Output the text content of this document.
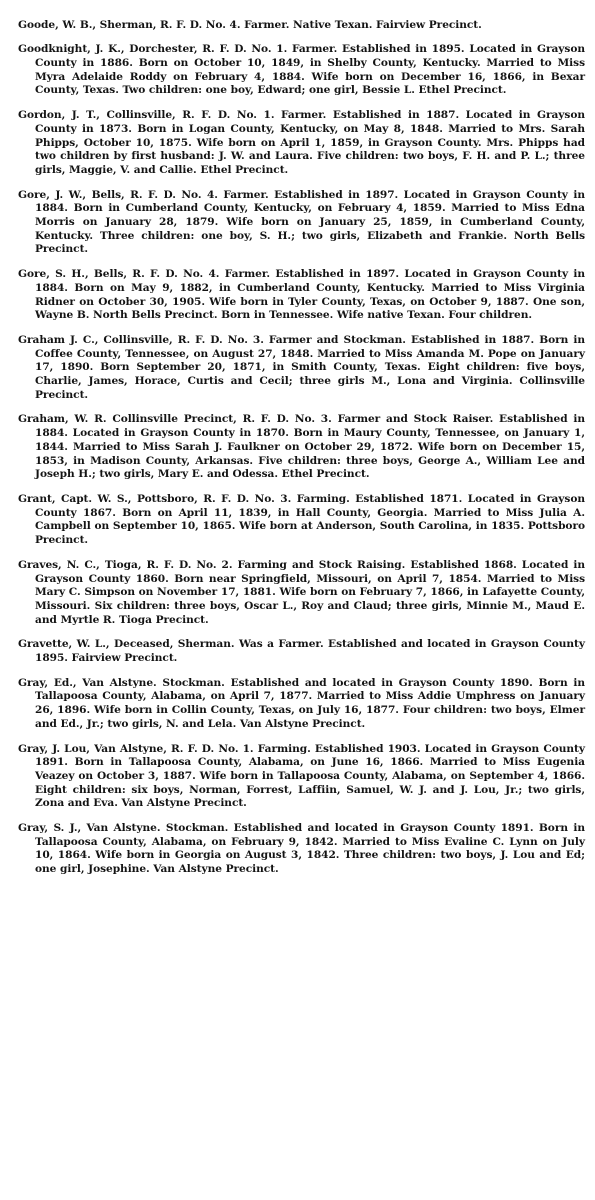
Goode, W. B., Sherman, R. F. D. No. 4. Farmer. Native Texan. Fairview Precinct.

Goodknight, J. K., Dorchester, R. F. D. No. 1. Farmer. Established in 1895. Located in Grayson County in 1886. Born on October 10, 1849, in Shelby County, Kentucky. Married to Miss Myra Adelaide Roddy on February 4, 1884. Wife born on December 16, 1866, in Bexar County, Texas. Two children: one boy, Edward; one girl, Bessie L. Ethel Precinct.

Gordon, J. T., Collinsville, R. F. D. No. 1. Farmer. Established in 1887. Located in Grayson County in 1873. Born in Logan County, Kentucky, on May 8, 1848. Married to Mrs. Sarah Phipps, October 10, 1875. Wife born on April 1, 1859, in Grayson County. Mrs. Phipps had two children by first husband: J. W. and Laura. Five children: two boys, F. H. and P. L.; three girls, Maggie, V. and Callie. Ethel Precinct.

Gore, J. W., Bells, R. F. D. No. 4. Farmer. Established in 1897. Located in Grayson County in 1884. Born in Cumberland County, Kentucky, on February 4, 1859. Married to Miss Edna Morris on January 28, 1879. Wife born on January 25, 1859, in Cumberland County, Kentucky. Three children: one boy, S. H.; two girls, Elizabeth and Frankie. North Bells Precinct.

Gore, S. H., Bells, R. F. D. No. 4. Farmer. Established in 1897. Located in Grayson County in 1884. Born on May 9, 1882, in Cumberland County, Kentucky. Married to Miss Virginia Ridner on October 30, 1905. Wife born in Tyler County, Texas, on October 9, 1887. One son, Wayne B. North Bells Precinct. Born in Tennessee. Wife native Texan. Four children.

Graham J. C., Collinsville, R. F. D. No. 3. Farmer and Stockman. Established in 1887. Born in Coffee County, Tennessee, on August 27, 1848. Married to Miss Amanda M. Pope on January 17, 1890. Born September 20, 1871, in Smith County, Texas. Eight children: five boys, Charlie, James, Horace, Curtis and Cecil; three girls M., Lona and Virginia. Collinsville Precinct.

Graham, W. R. Collinsville Precinct, R. F. D. No. 3. Farmer and Stock Raiser. Established in 1884. Located in Grayson County in 1870. Born in Maury County, Tennessee, on January 1, 1844. Married to Miss Sarah J. Faulkner on October 29, 1872. Wife born on December 15, 1853, in Madison County, Arkansas. Five children: three boys, George A., William Lee and Joseph H.; two girls, Mary E. and Odessa. Ethel Precinct.

Grant, Capt. W. S., Pottsboro, R. F. D. No. 3. Farming. Established 1871. Located in Grayson County 1867. Born on April 11, 1839, in Hall County, Georgia. Married to Miss Julia A. Campbell on September 10, 1865. Wife born at Anderson, South Carolina, in 1835. Pottsboro Precinct.

Graves, N. C., Tioga, R. F. D. No. 2. Farming and Stock Raising. Established 1868. Located in Grayson County 1860. Born near Springfield, Missouri, on April 7, 1854. Married to Miss Mary C. Simpson on November 17, 1881. Wife born on February 7, 1866, in Lafayette County, Missouri. Six children: three boys, Oscar L., Roy and Claud; three girls, Minnie M., Maud E. and Myrtle R. Tioga Precinct.

Gravette, W. L., Deceased, Sherman. Was a Farmer. Established and located in Grayson County 1895. Fairview Precinct.

Gray, Ed., Van Alstyne. Stockman. Established and located in Grayson County 1890. Born in Tallapoosa County, Alabama, on April 7, 1877. Married to Miss Addie Umphress on January 26, 1896. Wife born in Collin County, Texas, on July 16, 1877. Four children: two boys, Elmer and Ed., Jr.; two girls, N. and Lela. Van Alstyne Precinct.

Gray, J. Lou, Van Alstyne, R. F. D. No. 1. Farming. Established 1903. Located in Grayson County 1891. Born in Tallapoosa County, Alabama, on June 16, 1866. Married to Miss Eugenia Veazey on October 3, 1887. Wife born in Tallapoosa County, Alabama, on September 4, 1866. Eight children: six boys, Norman, Forrest, Laffiin, Samuel, W. J. and J. Lou, Jr.; two girls, Zona and Eva. Van Alstyne Precinct.

Gray, S. J., Van Alstyne. Stockman. Established and located in Grayson County 1891. Born in Tallapoosa County, Alabama, on February 9, 1842. Married to Miss Evaline C. Lynn on July 10, 1864. Wife born in Georgia on August 3, 1842. Three children: two boys, J. Lou and Ed; one girl, Josephine. Van Alstyne Precinct.
